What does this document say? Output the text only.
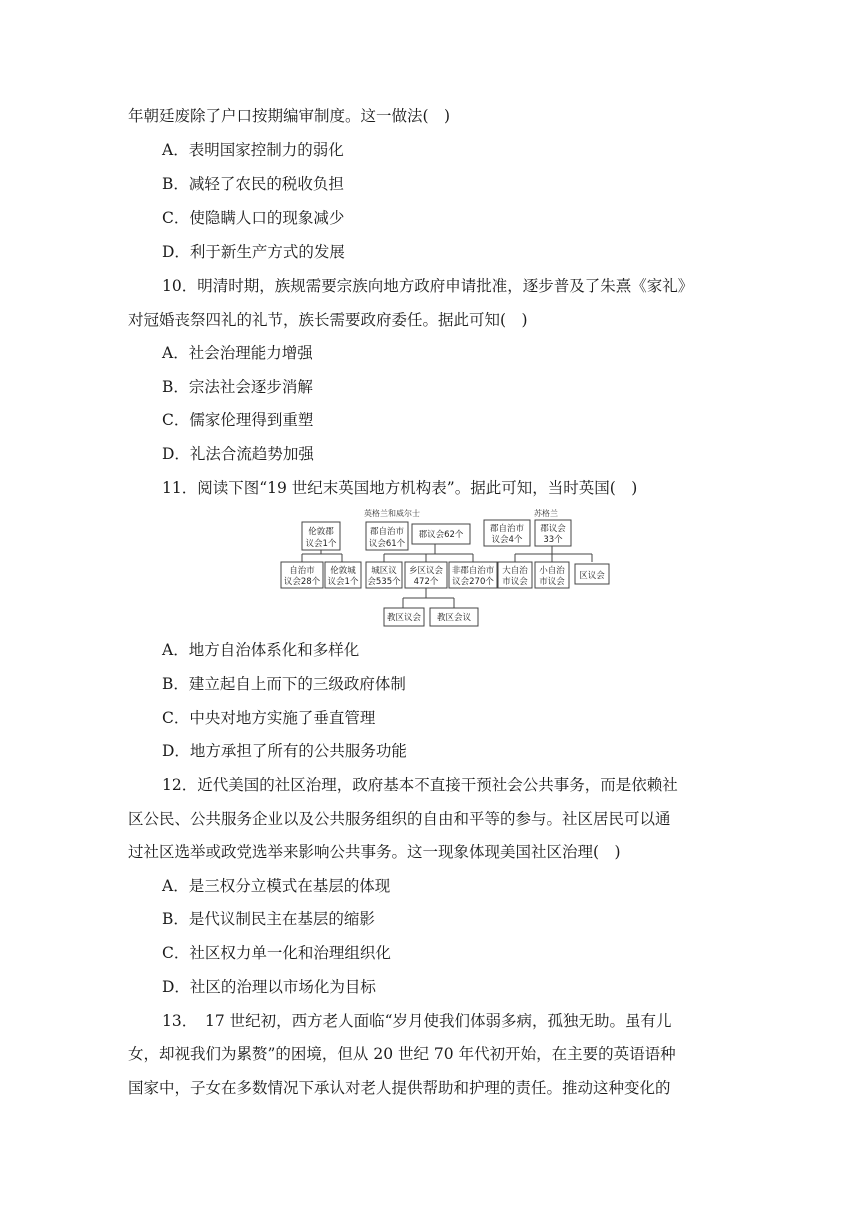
年朝廷废除了户口按期编审制度。这一做法(　)
A．表明国家控制力的弱化
B．减轻了农民的税收负担
C．使隐瞒人口的现象减少
D．利于新生产方式的发展
10．明清时期，族规需要宗族向地方政府申请批准，逐步普及了朱熹《家礼》
对冠婚丧祭四礼的礼节，族长需要政府委任。据此可知(　)
A．社会治理能力增强
B．宗法社会逐步消解
C．儒家伦理得到重塑
D．礼法合流趋势加强
11．阅读下图“19 世纪末英国地方机构表”。据此可知，当时英国(　)
英格兰和威尔士	苏格兰
伦敦郡
议会1个
郡自治市
议会61个
郡议会62个
自治市
议会28个
伦敦城
议会1个
城区议
会535个
乡区议会
472个
非郡自治市
议会270个
教区议会 教区会议
郡自治市
议会4个
郡议会
33个
大自治
市议会
小自治
市议会
区议会
A．地方自治体系化和多样化
B．建立起自上而下的三级政府体制
C．中央对地方实施了垂直管理
D．地方承担了所有的公共服务功能
12．近代美国的社区治理，政府基本不直接干预社会公共事务，而是依赖社
区公民、公共服务企业以及公共服务组织的自由和平等的参与。社区居民可以通
过社区选举或政党选举来影响公共事务。这一现象体现美国社区治理(　)
A．是三权分立模式在基层的体现
B．是代议制民主在基层的缩影
C．社区权力单一化和治理组织化
D．社区的治理以市场化为目标
13．　17 世纪初，西方老人面临“岁月使我们体弱多病，孤独无助。虽有儿
女，却视我们为累赘”的困境，但从 20 世纪 70 年代初开始，在主要的英语语种
国家中，子女在多数情况下承认对老人提供帮助和护理的责任。推动这种变化的
